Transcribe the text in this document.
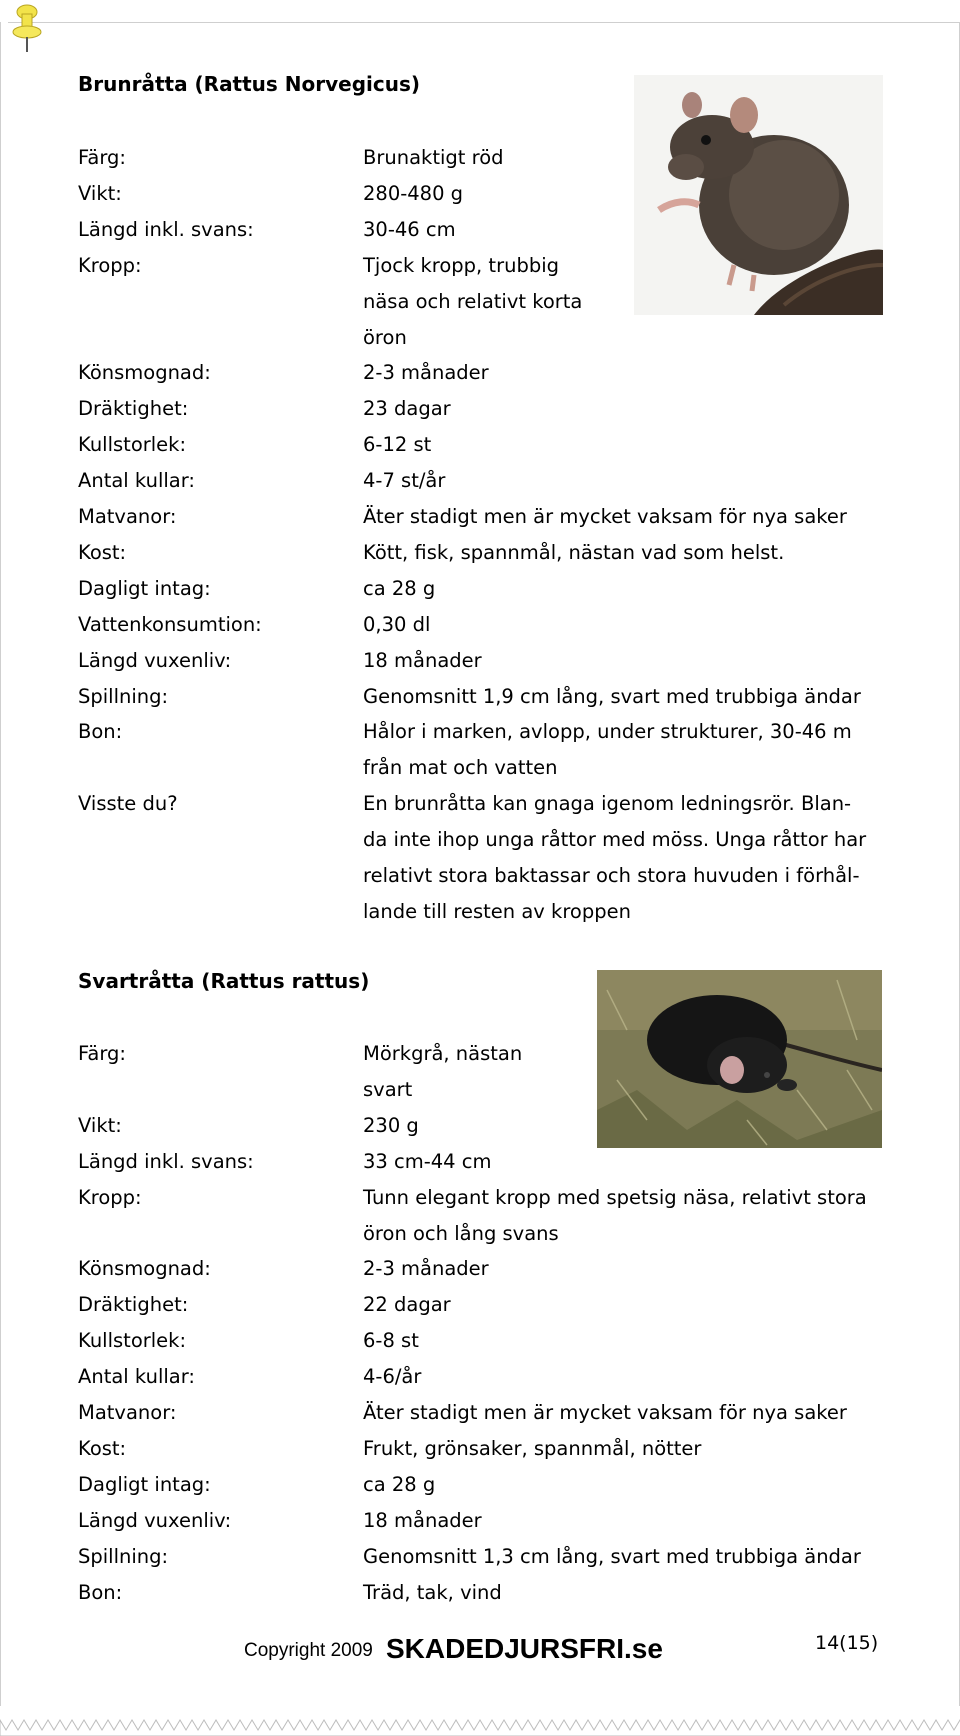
Brunråtta (Rattus Norvegicus)
Färg:	Brunaktigt röd
Vikt:	280-480 g
Längd inkl. svans:	30-46 cm
Kropp:	Tjock kropp, trubbig
näsa och relativt korta
öron
Könsmognad:	2-3 månader
Dräktighet:	23 dagar
Kullstorlek:	6-12 st
Antal kullar:	4-7 st/år
Matvanor:	Äter stadigt men är mycket vaksam för nya saker
Kost:	Kött, fisk, spannmål, nästan vad som helst.
Dagligt intag:	ca 28 g
Vattenkonsumtion:	0,30 dl
Längd vuxenliv:	18 månader
Spillning:	Genomsnitt 1,9 cm lång, svart med trubbiga ändar
Bon:	Hålor i marken, avlopp, under strukturer, 30-46 m
från mat och vatten
Visste du?	En brunråtta kan gnaga igenom ledningsrör. Blan-
da inte ihop unga råttor med möss. Unga råttor har
relativt stora baktassar och stora huvuden i förhål-
lande till resten av kroppen
Svartråtta (Rattus rattus)
Färg:	Mörkgrå, nästan
svart
Vikt:	230 g
Längd inkl. svans:	33 cm-44 cm
Kropp:	Tunn elegant kropp med spetsig näsa, relativt stora
öron och lång svans
Könsmognad:	2-3 månader
Dräktighet:	22 dagar
Kullstorlek:	6-8 st
Antal kullar:	4-6/år
Matvanor:	Äter stadigt men är mycket vaksam för nya saker
Kost:	Frukt, grönsaker, spannmål, nötter
Dagligt intag:	ca 28 g
Längd vuxenliv:	18 månader
Spillning:	Genomsnitt 1,3 cm lång, svart med trubbiga ändar
Bon:	Träd, tak, vind
Copyright 2009 SKADEDJURSFRI.se	14(15)
